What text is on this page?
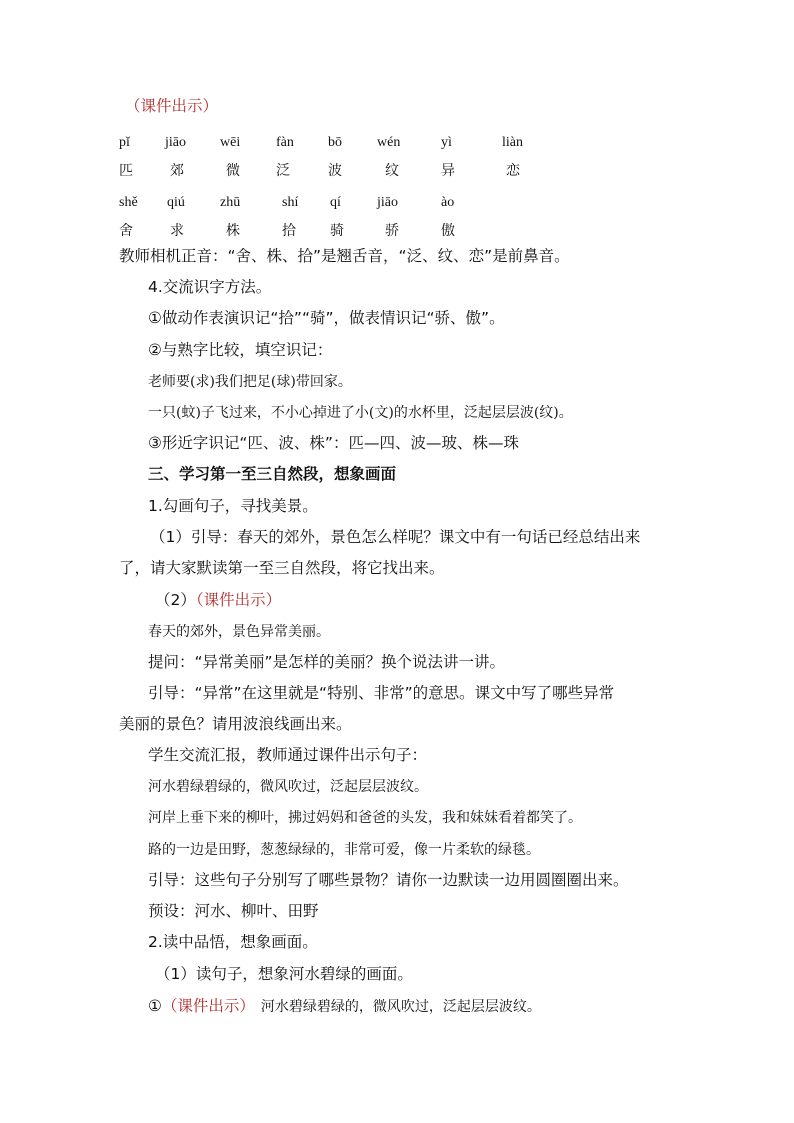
（课件出示）
pǐ
匹
jiāo
郊
wēi
微
fàn
泛
bō
波
wén
纹
yì
异
liàn
恋
shě
舍
qiú
求
zhū
株
shí
拾
qí
骑
jiāo
骄
ào
傲
教师相机正音：“舍、株、拾”是翘舌音，“泛、纹、恋”是前鼻音。
4.交流识字方法。
①做动作表演识记“拾”“骑”，做表情识记“骄、傲”。
②与熟字比较，填空识记：
老师要(求)我们把足(球)带回家。
一只(蚊)子飞过来，不小心掉进了小(文)的水杯里，泛起层层波(纹)。
③形近字识记“匹、波、株”：匹—四、波—玻、株—珠
三、学习第一至三自然段，想象画面
1.勾画句子，寻找美景。
（1）引导：春天的郊外，景色怎么样呢？课文中有一句话已经总结出来
了，请大家默读第一至三自然段，将它找出来。
（2）（课件出示）
春天的郊外，景色异常美丽。
提问：“异常美丽”是怎样的美丽？换个说法讲一讲。
引导：“异常”在这里就是“特别、非常”的意思。课文中写了哪些异常
美丽的景色？请用波浪线画出来。
学生交流汇报，教师通过课件出示句子：
河水碧绿碧绿的，微风吹过，泛起层层波纹。
河岸上垂下来的柳叶，拂过妈妈和爸爸的头发，我和妹妹看着都笑了。
路的一边是田野，葱葱绿绿的，非常可爱，像一片柔软的绿毯。
引导：这些句子分别写了哪些景物？请你一边默读一边用圆圈圈出来。
预设：河水、柳叶、田野
2.读中品悟，想象画面。
（1）读句子，想象河水碧绿的画面。
①（课件出示） 河水碧绿碧绿的，微风吹过，泛起层层波纹。
